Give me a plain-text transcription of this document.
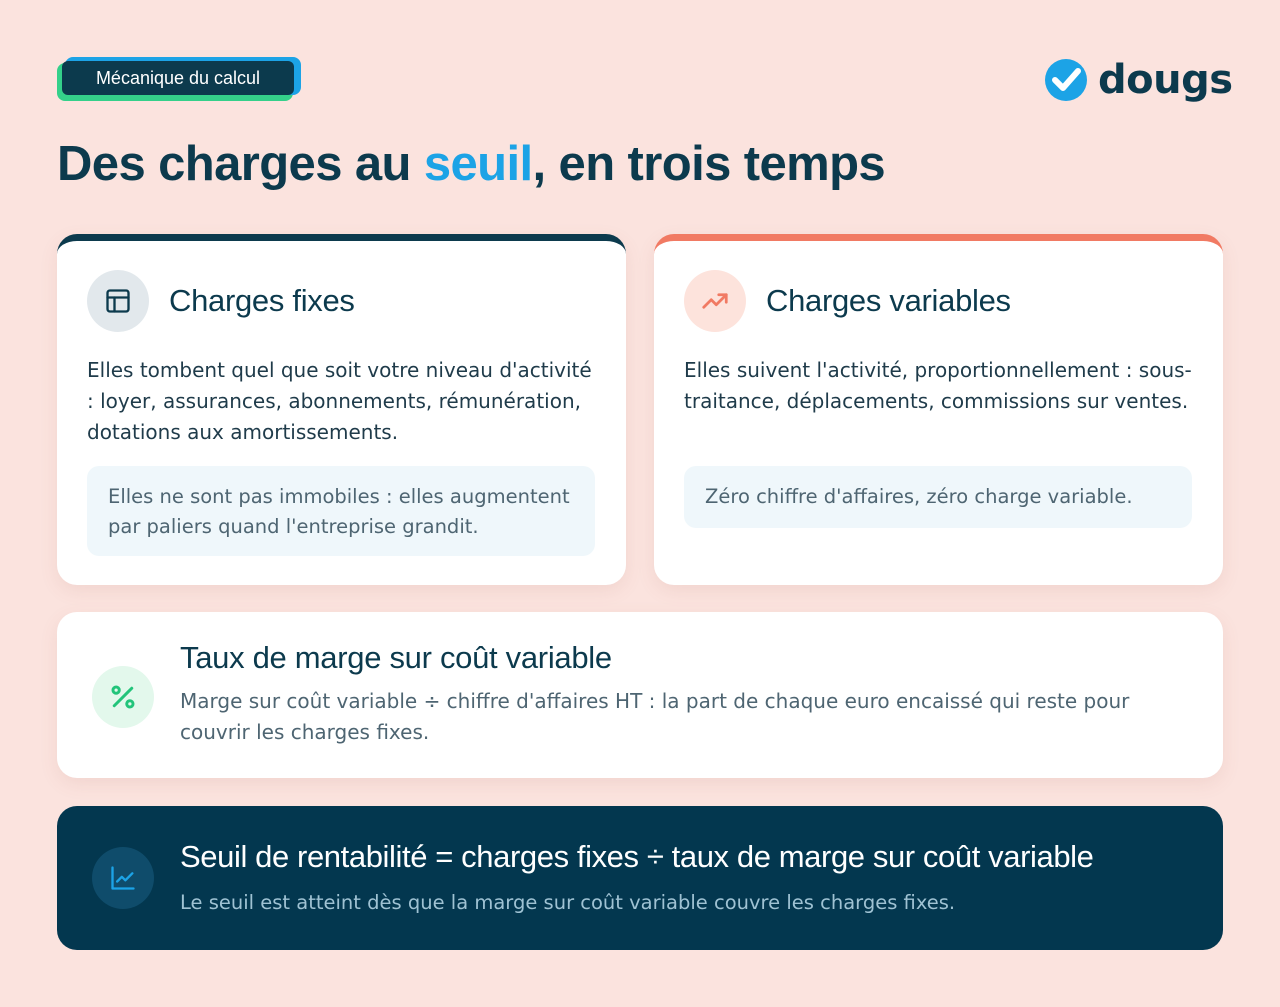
Mécanique du calcul	dougs
Des charges au seuil, en trois temps
Charges fixes

Elles tombent quel que soit votre niveau d'activité : loyer, assurances, abonnements, rémunération, dotations aux amortissements.

Elles ne sont pas immobiles : elles augmentent par paliers quand l'entreprise grandit.
Charges variables

Elles suivent l'activité, proportionnellement : sous-traitance, déplacements, commissions sur ventes.

Zéro chiffre d'affaires, zéro charge variable.
Taux de marge sur coût variable

Marge sur coût variable ÷ chiffre d'affaires HT : la part de chaque euro encaissé qui reste pour couvrir les charges fixes.

Seuil de rentabilité = charges fixes ÷ taux de marge sur coût variable

Le seuil est atteint dès que la marge sur coût variable couvre les charges fixes.
